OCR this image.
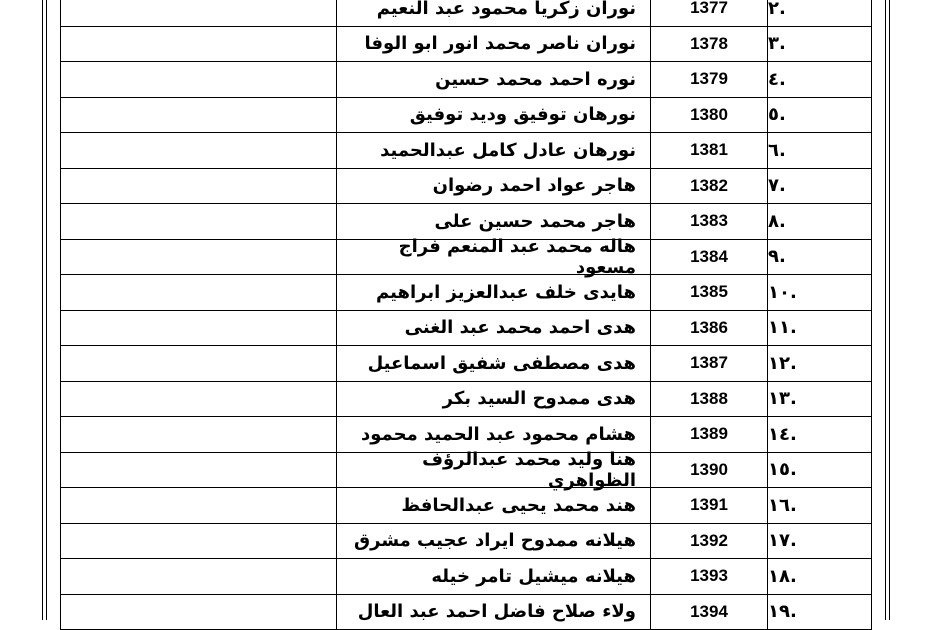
.٢
1377
نوران زكريا محمود عبد النعيم
.٣
1378
نوران ناصر محمد انور ابو الوفا
.٤
1379
نوره احمد محمد حسين
.٥
1380
نورهان توفيق وديد توفيق
.٦
1381
نورهان عادل كامل عبدالحميد
.٧
1382
هاجر عواد احمد رضوان
.٨
1383
هاجر محمد حسين على
.٩
1384
هاله محمد عبد المنعم فراج مسعود
.١٠
1385
هايدى خلف عبدالعزيز ابراهيم
.١١
1386
هدى احمد محمد عبد الغنى
.١٢
1387
هدى مصطفى شفيق اسماعيل
.١٣
1388
هدى ممدوح السيد بكر
.١٤
1389
هشام محمود عبد الحميد محمود
.١٥
1390
هنا وليد محمد عبدالرؤف الظواهري
.١٦
1391
هند محمد يحيى عبدالحافظ
.١٧
1392
هيلانه ممدوح ايراد عجيب مشرق
.١٨
1393
هيلانه ميشيل تامر خيله
.١٩
1394
ولاء صلاح فاضل احمد عبد العال
